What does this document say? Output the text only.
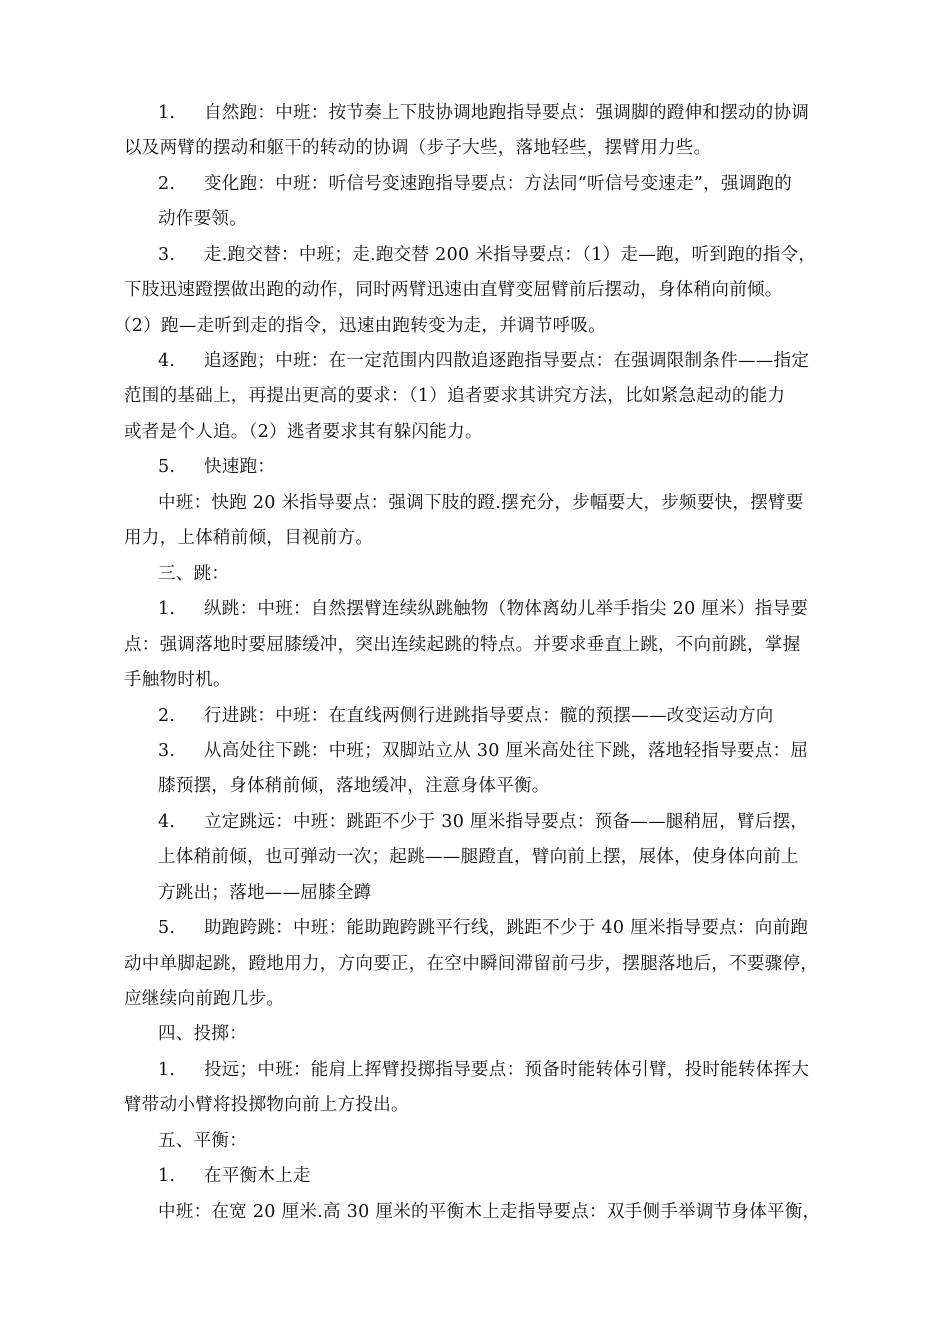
1. 自然跑：中班：按节奏上下肢协调地跑指导要点：强调脚的蹬伸和摆动的协调
以及两臂的摆动和躯干的转动的协调（步子大些，落地轻些，摆臂用力些。
2. 变化跑：中班：听信号变速跑指导要点：方法同“听信号变速走”，强调跑的
动作要领。
3. 走.跑交替：中班；走.跑交替 200 米指导要点：（1）走—跑，听到跑的指令，
下肢迅速蹬摆做出跑的动作，同时两臂迅速由直臂变屈臂前后摆动，身体稍向前倾。
（2）跑—走听到走的指令，迅速由跑转变为走，并调节呼吸。
4. 追逐跑；中班：在一定范围内四散追逐跑指导要点：在强调限制条件——指定
范围的基础上，再提出更高的要求：（1）追者要求其讲究方法，比如紧急起动的能力
或者是个人追。（2）逃者要求其有躲闪能力。
5. 快速跑：
中班：快跑 20 米指导要点：强调下肢的蹬.摆充分，步幅要大，步频要快，摆臂要
用力，上体稍前倾，目视前方。
三、跳：
1. 纵跳：中班：自然摆臂连续纵跳触物（物体离幼儿举手指尖 20 厘米）指导要
点：强调落地时要屈膝缓冲，突出连续起跳的特点。并要求垂直上跳，不向前跳，掌握
手触物时机。
2. 行进跳：中班：在直线两侧行进跳指导要点：髋的预摆——改变运动方向
3. 从高处往下跳：中班；双脚站立从 30 厘米高处往下跳，落地轻指导要点：屈
膝预摆，身体稍前倾，落地缓冲，注意身体平衡。
4. 立定跳远：中班：跳距不少于 30 厘米指导要点：预备——腿稍屈，臂后摆，
上体稍前倾，也可弹动一次；起跳——腿蹬直，臂向前上摆，展体，使身体向前上
方跳出；落地——屈膝全蹲
5. 助跑跨跳：中班：能助跑跨跳平行线，跳距不少于 40 厘米指导要点：向前跑
动中单脚起跳，蹬地用力，方向要正，在空中瞬间滞留前弓步，摆腿落地后，不要骤停，
应继续向前跑几步。
四、投掷：
1. 投远；中班：能肩上挥臂投掷指导要点：预备时能转体引臂，投时能转体挥大
臂带动小臂将投掷物向前上方投出。
五、平衡：
1. 在平衡木上走
中班：在宽 20 厘米.高 30 厘米的平衡木上走指导要点：双手侧手举调节身体平衡，
